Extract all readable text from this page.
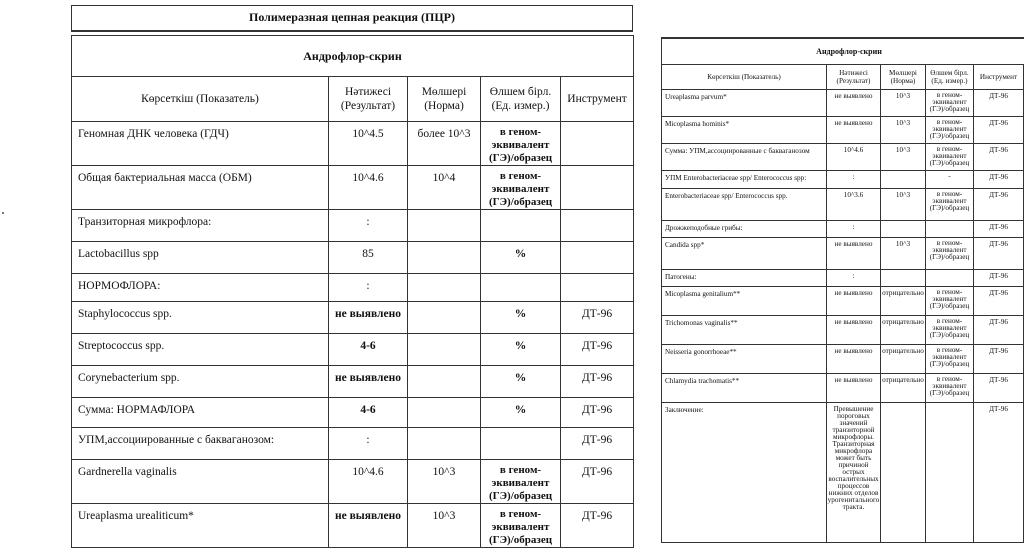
Полимеразная цепная реакция (ПЦР)
Андрофлор-скрин				
Көрсеткіш (Показатель)	Нәтижесі (Результат)	Мөлшері (Норма)	Өлшем бірл. (Ед. измер.)	Инструмент
Геномная ДНК человека (ГДЧ)	10^4.5	более 10^3	в геном-эквивалент (ГЭ)/образец	
Общая бактериальная масса (ОБМ)	10^4.6	10^4	в геном-эквивалент (ГЭ)/образец	
Транзиторная микрофлора:	:			
Lactobacillus spp	85		%	
НОРМОФЛОРА:	:			
Staphylococcus spp.	не выявлено		%	ДТ-96
Streptococcus spp.	4-6		%	ДТ-96
Corynebacterium spp.	не выявлено		%	ДТ-96
Сумма: НОРМАФЛОРА	4-6		%	ДТ-96
УПМ,ассоциированные с бакваганозом:	:			ДТ-96
Gardnerella vaginalis	10^4.6	10^3	в геном-эквивалент (ГЭ)/образец	ДТ-96
Ureaplasma urealiticum*	не выявлено	10^3	в геном-эквивалент (ГЭ)/образец	ДТ-96
Андрофлор-скрин					
Көрсеткіш (Показатель)	Нәтижесі (Результат)	Мөлшері (Норма)	Өлшем бірл. (Ед. измер.)	Инструмент	
Ureaplasma parvum*	не выявлено	10^3	в геном-эквивалент (ГЭ)/образец	ДТ-96	
Micoplasma hominis*	не выявлено	10^3	в геном-эквивалент (ГЭ)/образец	ДТ-96	
Сумма: УПМ,ассоциированные с бакваганозом	10^4.6	10^3	в геном-эквивалент (ГЭ)/образец	ДТ-96	
УПМ Enterobacteriaceae spp/ Enterococcus spp:	:		-	ДТ-96	
Enterobacteriaceae spp/ Enterococcus spp.	10^3.6	10^3	в геном-эквивалент (ГЭ)/образец	ДТ-96	
Дрожжеподобные грибы:	:			ДТ-96	
Candida spp*	не выявлено	10^3	в геном-эквивалент (ГЭ)/образец	ДТ-96	
Патогены:	:			ДТ-96	
Micoplasma genitalium**	не выявлено	отрицательно	в геном-эквивалент (ГЭ)/образец	ДТ-96	
Trichomonas vaginalis**	не выявлено	отрицательно	в геном-эквивалент (ГЭ)/образец	ДТ-96	
Neisseria gonorrhoeae**	не выявлено	отрицательно	в геном-эквивалент (ГЭ)/образец	ДТ-96	
Chlamydia trachomatis**	не выявлено	отрицательно	в геном-эквивалент (ГЭ)/образец	ДТ-96	
Заключение:	Превышение пороговых значений транзиторной микрофлоры. Транзиторная микрофлора может быть причиной острых воспалительных процессов нижних отделов урогенитального тракта.			ДТ-96	
